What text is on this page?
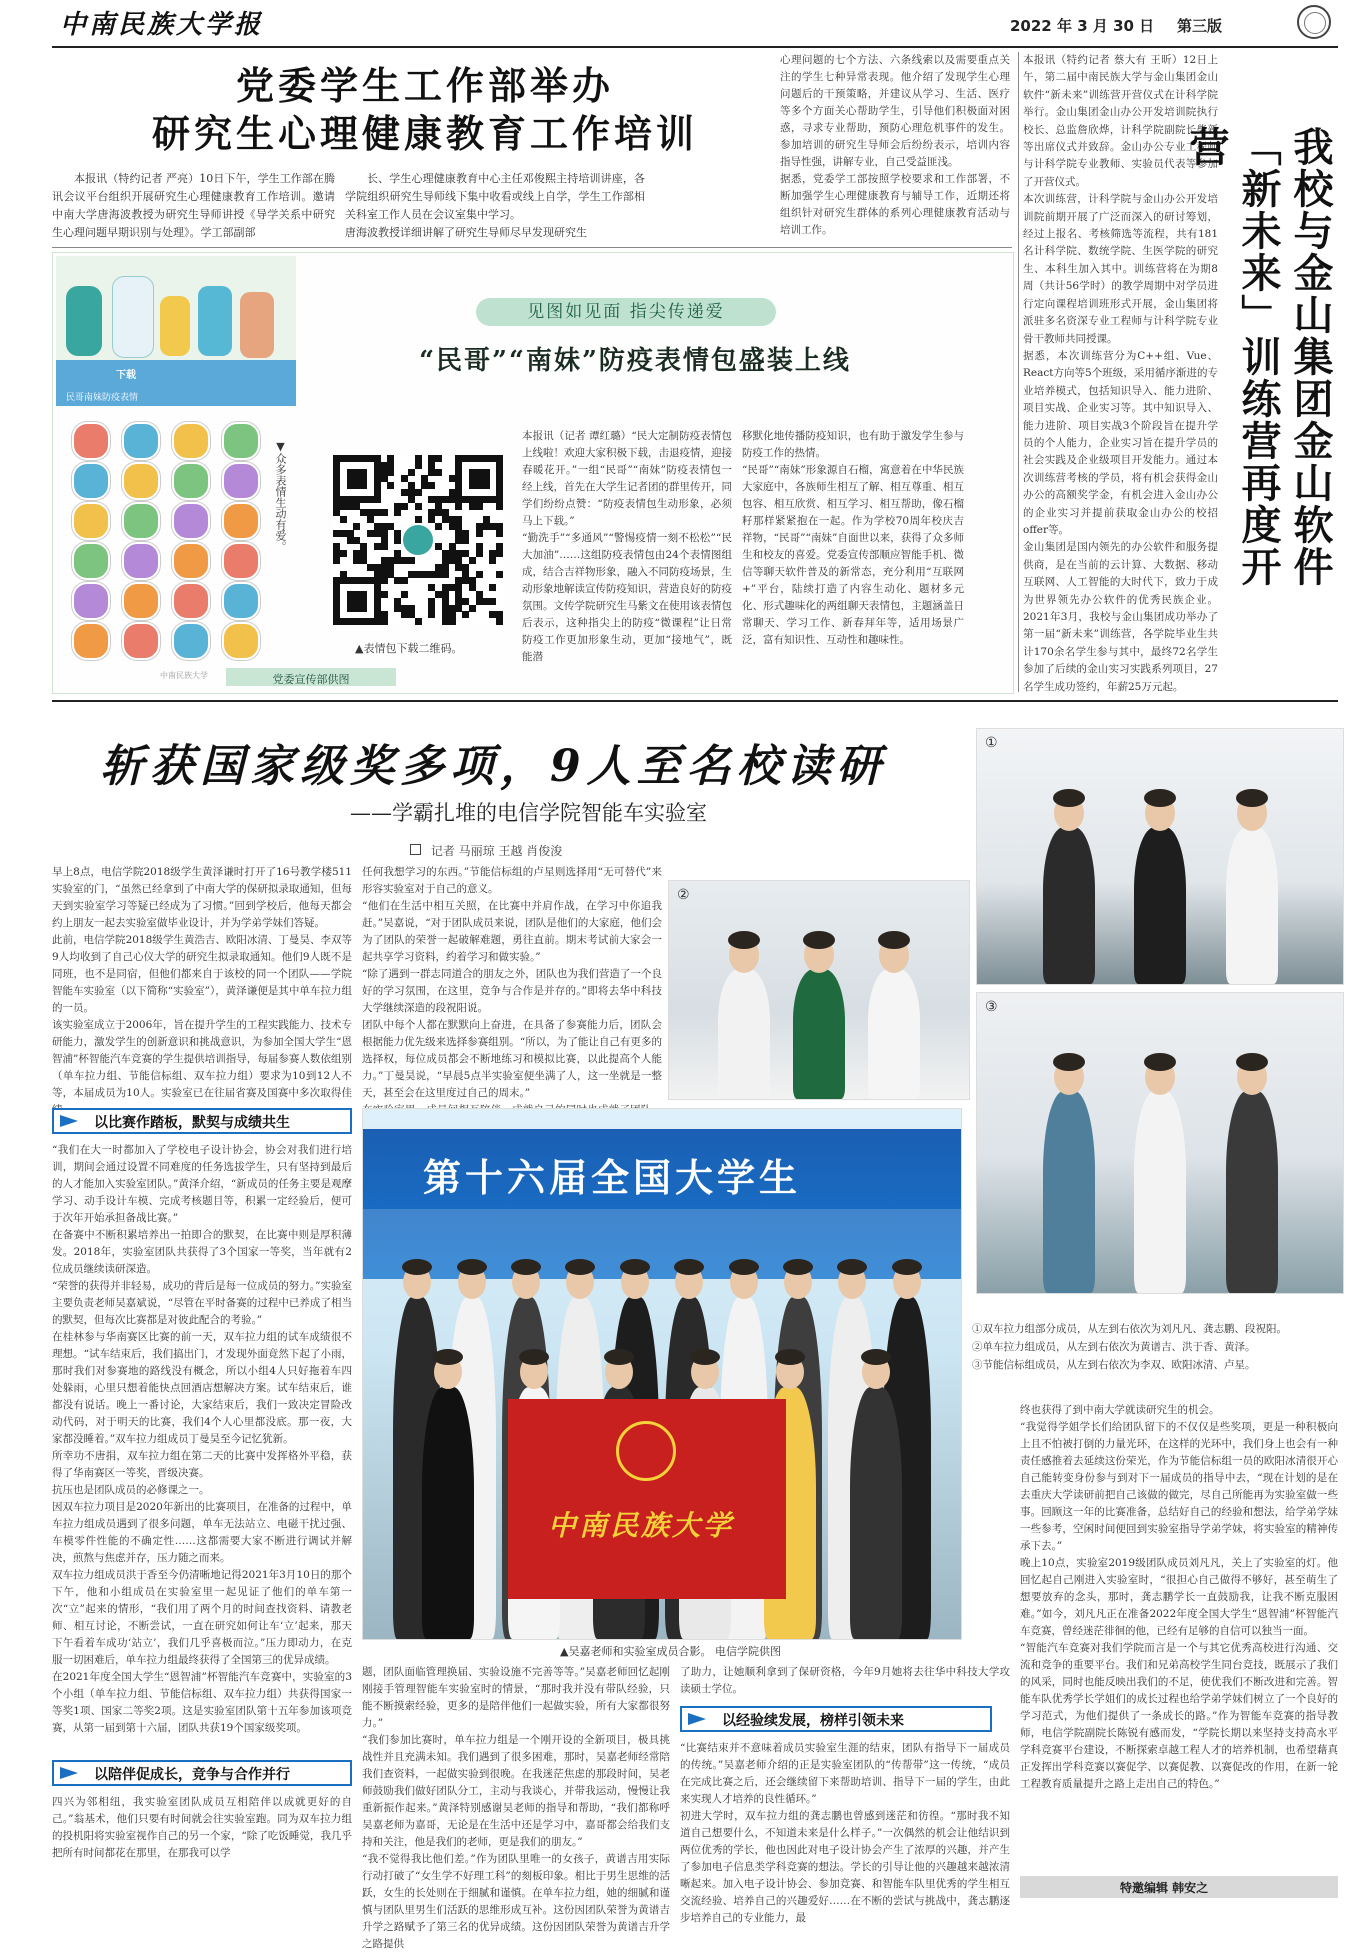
中南民族大学报	2022 年 3 月 30 日 第三版
党委学生工作部举办
研究生心理健康教育工作培训
本报讯（特约记者 严亮）10日下午，学生工作部在腾讯会议平台组织开展研究生心理健康教育工作培训。邀请中南大学唐海波教授为研究生导师讲授《导学关系中研究生心理问题早期识别与处理》。学工部副部
长、学生心理健康教育中心主任邓俊熙主持培训讲座，各学院组织研究生导师线下集中收看或线上自学，学生工作部相关科室工作人员在会议室集中学习。
唐海波教授详细讲解了研究生导师尽早发现研究生
心理问题的七个方法、六条线索以及需要重点关注的学生七种异常表现。他介绍了发现学生心理问题后的干预策略，并建议从学习、生活、医疗等多个方面关心帮助学生，引导他们积极面对困惑，寻求专业帮助，预防心理危机事件的发生。参加培训的研究生导师会后纷纷表示，培训内容指导性强，讲解专业，自己受益匪浅。
据悉，党委学工部按照学校要求和工作部署，不断加强学生心理健康教育与辅导工作，近期还将组织针对研究生群体的系列心理健康教育活动与培训工作。
本报讯（特约记者 蔡大有 王昕）12日上午，第二届中南民族大学与金山集团金山软件“新未来”训练营开营仪式在计科学院举行。金山集团金山办公开发培训院执行校长、总监詹欣烨，计科学院副院长柴新等出席仪式并致辞。金山办公专业工程师与计科学院专业教师、实验员代表等参加了开营仪式。
本次训练营，计科学院与金山办公开发培训院前期开展了广泛而深入的研讨筹划，经过上报名、考核筛选等流程，共有181名计科学院、数统学院、生医学院的研究生、本科生加入其中。训练营将在为期8周（共计56学时）的教学周期中对学员进行定向课程培训班形式开展，金山集团将派驻多名资深专业工程师与计科学院专业骨干教师共同授课。
据悉，本次训练营分为C++组、Vue、React方向等5个班级，采用循序渐进的专业培养模式，包括知识导入、能力进阶、项目实战、企业实习等。其中知识导入、能力进阶、项目实战3个阶段旨在提升学员的个人能力，企业实习旨在提升学员的社会实践及企业级项目开发能力。通过本次训练营考核的学员，将有机会获得金山办公的高额奖学金，有机会进入金山办公的企业实习并提前获取金山办公的校招offer等。
金山集团是国内领先的办公软件和服务提供商，是在当前的云计算、大数据、移动互联网、人工智能的大时代下，致力于成为世界领先办公软件的优秀民族企业。2021年3月，我校与金山集团成功举办了第一届“新未来”训练营，各学院毕业生共计170余名学生参与其中，最终72名学生参加了后续的金山实习实践系列项目，27名学生成功签约，年薪25万元起。
我校与金山集团金山软件「新未来」训练营再度开营
下载
民哥南妹防疫表情
见图如见面 指尖传递爱
“民哥”“南妹”防疫表情包盛装上线
▼众多表情生动有爱。
中南民族大学
▲表情包下载二维码。
党委宣传部供图
本报讯（记者 谭红璐）“民大定制防疫表情包上线啦！欢迎大家积极下载，击退疫情，迎接春暖花开。”一组“民哥”“南妹”防疫表情包一经上线，首先在大学生记者团的群里传开，同学们纷纷点赞：“防疫表情包生动形象，必须马上下载。”
“勤洗手”“多通风”“警惕疫情一刻不松松”“民大加油”……这组防疫表情包由24个表情图组成，结合吉祥物形象，融入不同防疫场景，生动形象地解读宣传防疫知识，营造良好的防疫氛围。文传学院研究生马紫文在使用该表情包后表示，这种指尖上的防疫“微课程”让日常防疫工作更加形象生动，更加“接地气”，既能潜
移默化地传播防疫知识，也有助于激发学生参与防疫工作的热情。
“民哥”“南妹”形象源自石榴，寓意着在中华民族大家庭中，各族师生相互了解、相互尊重、相互包容、相互欣赏、相互学习、相互帮助，像石榴籽那样紧紧抱在一起。作为学校70周年校庆吉祥物，“民哥”“南妹”自面世以来，获得了众多师生和校友的喜爱。党委宣传部顺应智能手机、微信等聊天软件普及的新常态，充分利用“互联网+”平台，陆续打造了内容生动化、题材多元化、形式趣味化的两组聊天表情包，主题涵盖日常聊天、学习工作、新春拜年等，适用场景广泛，富有知识性、互动性和趣味性。
斩获国家级奖多项，9人至名校读研
——学霸扎堆的电信学院智能车实验室
记者 马丽琼 王越 肖俊浚
早上8点，电信学院2018级学生黄泽谦时打开了16号教学楼511实验室的门，“虽然已经拿到了中南大学的保研拟录取通知，但每天到实验室学习等疑已经成为了习惯。”回到学校后，他每天都会约上朋友一起去实验室做毕业设计，并为学弟学妹们答疑。
此前，电信学院2018级学生黄浩吉、欧阳冰清、丁曼昊、李双等9人均收到了自己心仪大学的研究生拟录取通知。他们9人既不是同班，也不是同宿，但他们都来自于该校的同一个团队——学院智能车实验室（以下简称“实验室”），黄泽谦便是其中单车拉力组的一员。
该实验室成立于2006年，旨在提升学生的工程实践能力、技术专研能力，激发学生的创新意识和挑战意识，为参加全国大学生“恩智浦”杯智能汽车竞赛的学生提供培训指导，每届参赛人数依组别（单车拉力组、节能信标组、双车拉力组）要求为10到12人不等，本届成员为10人。实验室已在往届省赛及国赛中多次取得佳
以比赛作踏板，默契与成绩共生
“我们在大一时都加入了学校电子设计协会，协会对我们进行培训，期间会通过设置不同难度的任务选拔学生，只有坚持到最后的人才能加入实验室团队。”黄泽介绍，“新成员的任务主要是观摩学习、动手设计车模、完成考核题目等，积累一定经验后，便可于次年开始承担备战比赛。”
在备赛中不断积累培养出一拍即合的默契，在比赛中则是厚积薄发。2018年，实验室团队共获得了3个国家一等奖，当年就有2位成员继续读研深造。
“荣誉的获得并非轻易，成功的背后是每一位成员的努力。”实验室主要负责老师吴嘉斌说，“尽管在平时备赛的过程中已养成了相当的默契，但每次比赛都是对彼此配合的考验。”
在桂林参与华南赛区比赛的前一天，双车拉力组的试车成绩很不理想。“试车结束后，我们搞出门，才发现外面竟然下起了小雨，那时我们对参赛地的路线没有概念，所以小组4人只好拖着车四处躲雨，心里只想着能快点回酒店想解决方案。试车结束后，谁都没有说话。晚上一番讨论，大家结束后，我们一致决定冒险改动代码，对于明天的比赛，我们4个人心里都没底。那一夜，大家都没睡着。”双车拉力组成员丁曼昊至今记忆犹新。
所幸功不唐捐，双车拉力组在第二天的比赛中发挥格外平稳，获得了华南赛区一等奖，晋级决赛。
抗压也是团队成员的必修课之一。
因双车拉力项目是2020年新出的比赛项目，在准备的过程中，单车拉力组成员遇到了很多问题，单车无法站立、电磁干扰过强、车模零件性能的不确定性……这都需要大家不断进行调试并解决，煎熬与焦虑并存，压力随之而来。
双车拉力组成员洪于香至今仍清晰地记得2021年3月10日的那个下午，他和小组成员在实验室里一起见证了他们的单车第一次“立”起来的情形，“我们用了两个月的时间查找资料、请教老师、相互讨论，不断尝试，一直在研究如何让车‘立’起来，那天下午看着车成功‘站立’，我们几乎喜极而泣。”压力即动力，在克服一切困难后，单车拉力组最终获得了全国第三的优异成绩。
在2021年度全国大学生“恩智浦”杯智能汽车竞赛中，实验室的3个小组（单车拉力组、节能信标组、双车拉力组）共获得国家一等奖1项、国家二等奖2项。这是实验室团队第十五年参加该项竞赛，从第一届到第十六届，团队共获19个国家级奖项。
以陪伴促成长，竞争与合作并行
四兴为邻相纽，我实验室团队成员互相陪伴以成就更好的自己。”翁基术，他们只要有时间就会往实验室跑。同为双车拉力组的投机阳将实验室视作自己的另一个家，“除了吃饭睡觉，我几乎把所有时间都花在那里，在那我可以学
任何我想学习的东西。”节能信标组的卢星则选择用“无可替代”来形容实验室对于自己的意义。
“他们在生活中相互关照，在比赛中并肩作战，在学习中你追我赶。”吴嘉说，“对于团队成员来说，团队是他们的大家庭，他们会为了团队的荣誉一起破解难题，勇往直前。期末考试前大家会一起共享学习资料，约着学习和做实验。”
“除了遇到一群志同道合的朋友之外，团队也为我们营造了一个良好的学习氛围，在这里，竞争与合作是并存的。”即将去华中科技大学继续深造的段祝阳说。
团队中每个人都在默默向上奋进，在具备了参赛能力后，团队会根据能力优先级来选择参赛组别。“所以，为了能让自己有更多的选择权，每位成员都会不断地练习和模拟比赛，以此提高个人能力。”丁曼昊说，“早晨5点半实验室便坐满了人，这一坐就是一整天，甚至会在这里度过自己的周末。”

第十六届全国大学生
中南民族大学
▲吴嘉老师和实验室成员合影。 电信学院供图
题，团队面临管理换届、实验设施不完善等等。”吴嘉老师回忆起刚刚接手管理智能车实验室时的情景，“那时我并没有带队经验，只能不断摸索经验，更多的是陪伴他们一起做实验，所有大家都很努力。”
“我们参加比赛时，单车拉力组是一个刚开设的全新项目，极具挑战性并且充满未知。我们遇到了很多困难，那时，吴嘉老师经常陪我们查资料，一起做实验到很晚。在我迷茫焦虑的那段时间，吴老师鼓励我们做好团队分工，主动与我谈心，并带我运动，慢慢让我重新振作起来。”黄泽特别感谢吴老师的指导和帮助，“我们都称呼吴嘉老师为嘉哥，无论是在生活中还是学习中，嘉哥都会给我们支持和关注，他是我们的老师，更是我们的朋友。”
“我不觉得我比他们差。”作为团队里唯一的女孩子，黄谱吉用实际行动打破了“女生学不好理工科”的刻板印象。相比于男生思维的活跃，女生的长处则在于细腻和谨慎。在单车拉力组，她的细腻和谨慎与团队里男生们活跃的思维形成互补。这份因团队荣誉为黄谱吉升学之路赋予了第三名的优异成绩。这份因团队荣誉为黄谱吉升学之路提供
了助力，让她顺利拿到了保研资格，今年9月她将去往华中科技大学攻读硕士学位。
以经验续发展，榜样引领未来
“比赛结束并不意味着成员实验室生涯的结束，团队有指导下一届成员的传统。”吴嘉老师介绍的正是实验室团队的“传帮带”这一传统，“成员在完成比赛之后，还会继续留下来帮助培训、指导下一届的学生，由此来实现人才培养的良性循环。”
初进大学时，双车拉力组的龚志鹏也曾感到迷茫和彷徨。“那时我不知道自己想要什么，不知道未来是什么样子。”一次偶然的机会让他结识到两位优秀的学长，他也因此对电子设计协会产生了浓厚的兴趣，并产生了参加电子信息类学科竞赛的想法。学长的引导让他的兴趣越来越浓清晰起来。加入电子设计协会、参加竞赛、和智能车队里优秀的学生相互交流经验、培养自己的兴趣爱好……在不断的尝试与挑战中，龚志鹏逐步培养自己的专业能力，最
①
②
③
①双车拉力组部分成员，从左到右依次为刘凡凡、龚志鹏、段祝阳。
②单车拉力组成员，从左到右依次为黄谱吉、洪于香、黄泽。
③节能信标组成员，从左到右依次为李双、欧阳冰清、卢星。
终也获得了到中南大学就读研究生的机会。
“我觉得学姐学长们给团队留下的不仅仅是些奖项，更是一种积极向上且不怕被打倒的力量光环，在这样的光环中，我们身上也会有一种责任感推着去延续这份荣光，作为节能信标组一员的欧阳冰清很开心自己能转变身份参与到对下一届成员的指导中去，“现在计划的是在去重庆大学读研前把自己该做的做完，尽自己所能再为实验室做一些事。回顾这一年的比赛准备，总结好自己的经验和想法，给学弟学妹一些参考，空闲时间便回到实验室指导学弟学妹，将实验室的精神传承下去。”
晚上10点，实验室2019级团队成员刘凡凡，关上了实验室的灯。他回忆起自己刚进入实验室时，“很担心自己做得不够好，甚至萌生了想要放弃的念头，那时，龚志鹏学长一直鼓励我，让我不断克服困难。”如今，刘凡凡正在准备2022年度全国大学生“恩智浦”杯智能汽车竞赛，曾经迷茫徘徊的他，已经有足够的自信可以独当一面。
“智能汽车竞赛对我们学院而言是一个与其它优秀高校进行沟通、交流和竞争的重要平台。我们和兄弟高校学生同台竞技，既展示了我们的风采，同时也能反映出我们的不足，使优我们不断改进和完善。智能车队优秀学长学姐们的成长过程也给学弟学妹们树立了一个良好的学习范式，为他们提供了一条成长的路。”作为智能车竞赛的指导教师，电信学院副院长陈锐有感而发，“学院长期以来坚持支持高水平学科竞赛平台建设，不断探索卓越工程人才的培养机制，也希望藉真正发挥出学科竞赛以赛促学、以赛促教、以赛促改的作用，在新一轮工程教育质量提升之路上走出自己的特色。”
特邀编辑 韩安之
